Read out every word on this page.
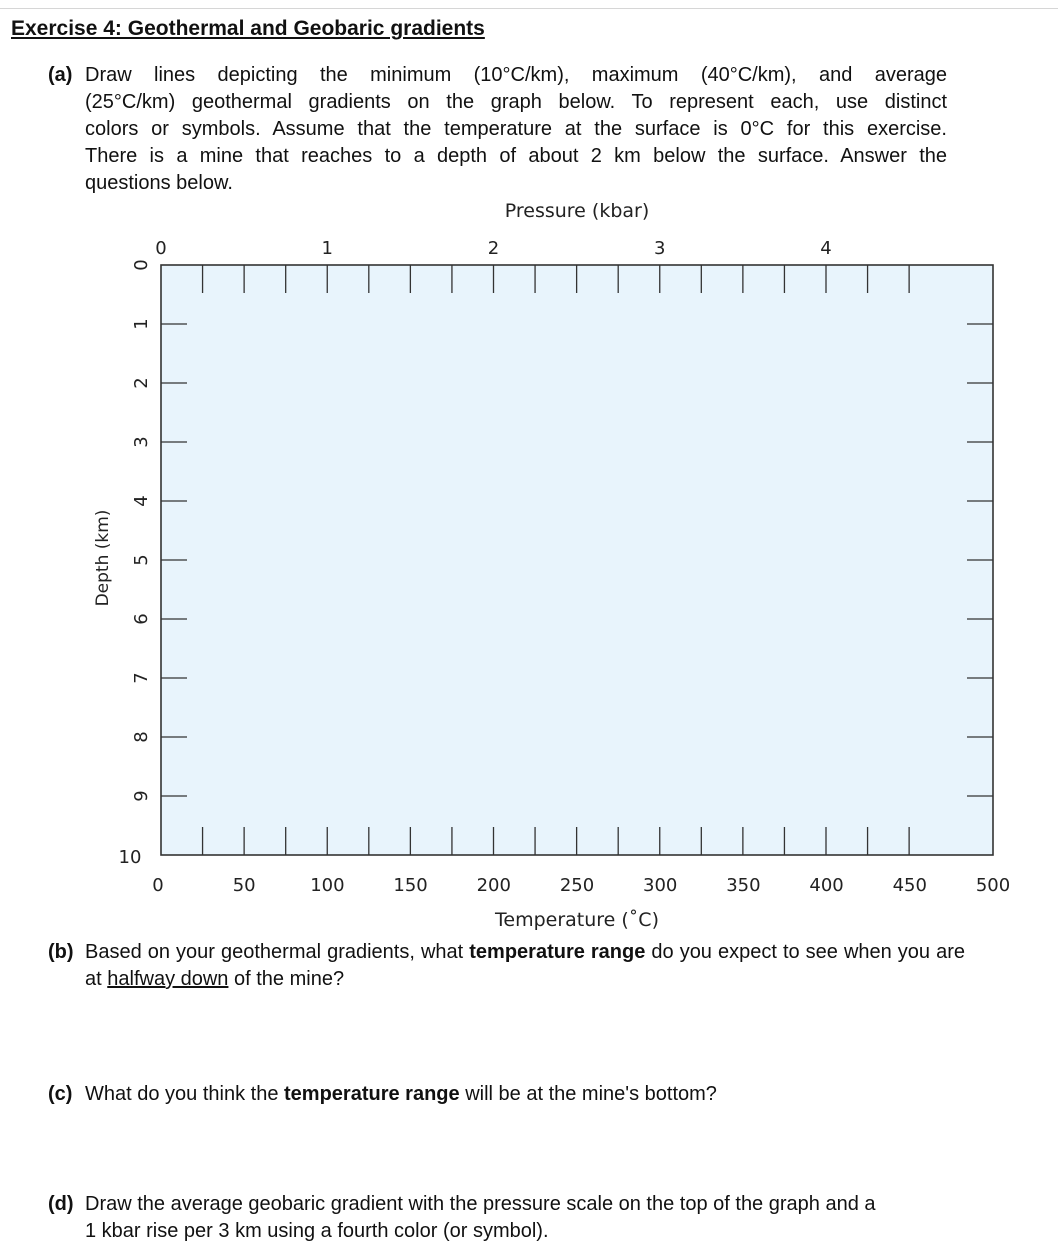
Exercise 4: Geothermal and Geobaric gradients
(a) Draw lines depicting the minimum (10°C/km), maximum (40°C/km), and average
(25°C/km) geothermal gradients on the graph below. To represent each, use distinct
colors or symbols. Assume that the temperature at the surface is 0°C for this exercise.
There is a mine that reaches to a depth of about 2 km below the surface. Answer the
questions below.
0	1	2	3	4
0	50	100	150	200	250	300	350	400	450	500
0
1
2
3
4
5
6
7
8
9
10
Pressure (kbar)
Temperature (˚C)
Depth (km)
(b) Based on your geothermal gradients, what temperature range do you expect to see when you are at halfway down of the mine?
(c) What do you think the temperature range will be at the mine's bottom?
(d) Draw the average geobaric gradient with the pressure scale on the top of the graph and a
1 kbar rise per 3 km using a fourth color (or symbol).
